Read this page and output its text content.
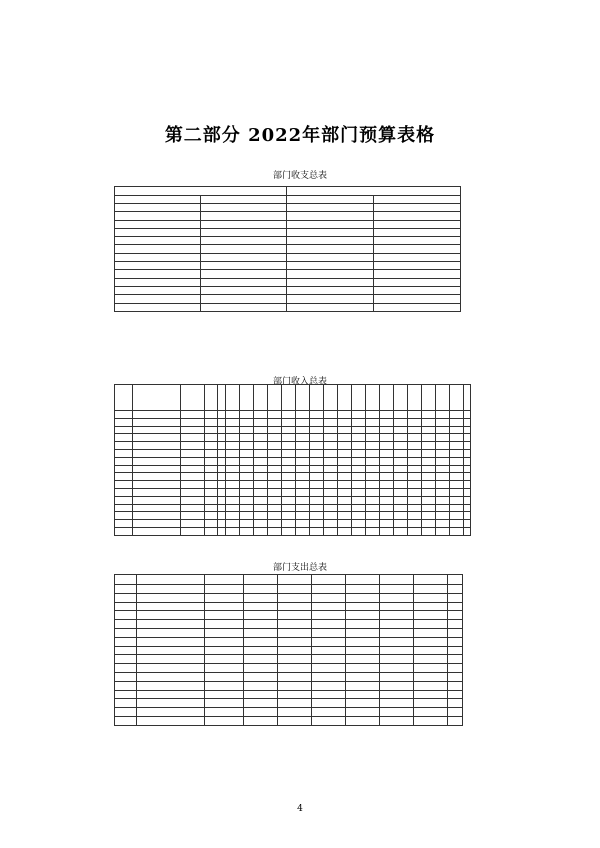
第二部分 2022年部门预算表格
部门收支总表

部门收入总表

部门支出总表

4
